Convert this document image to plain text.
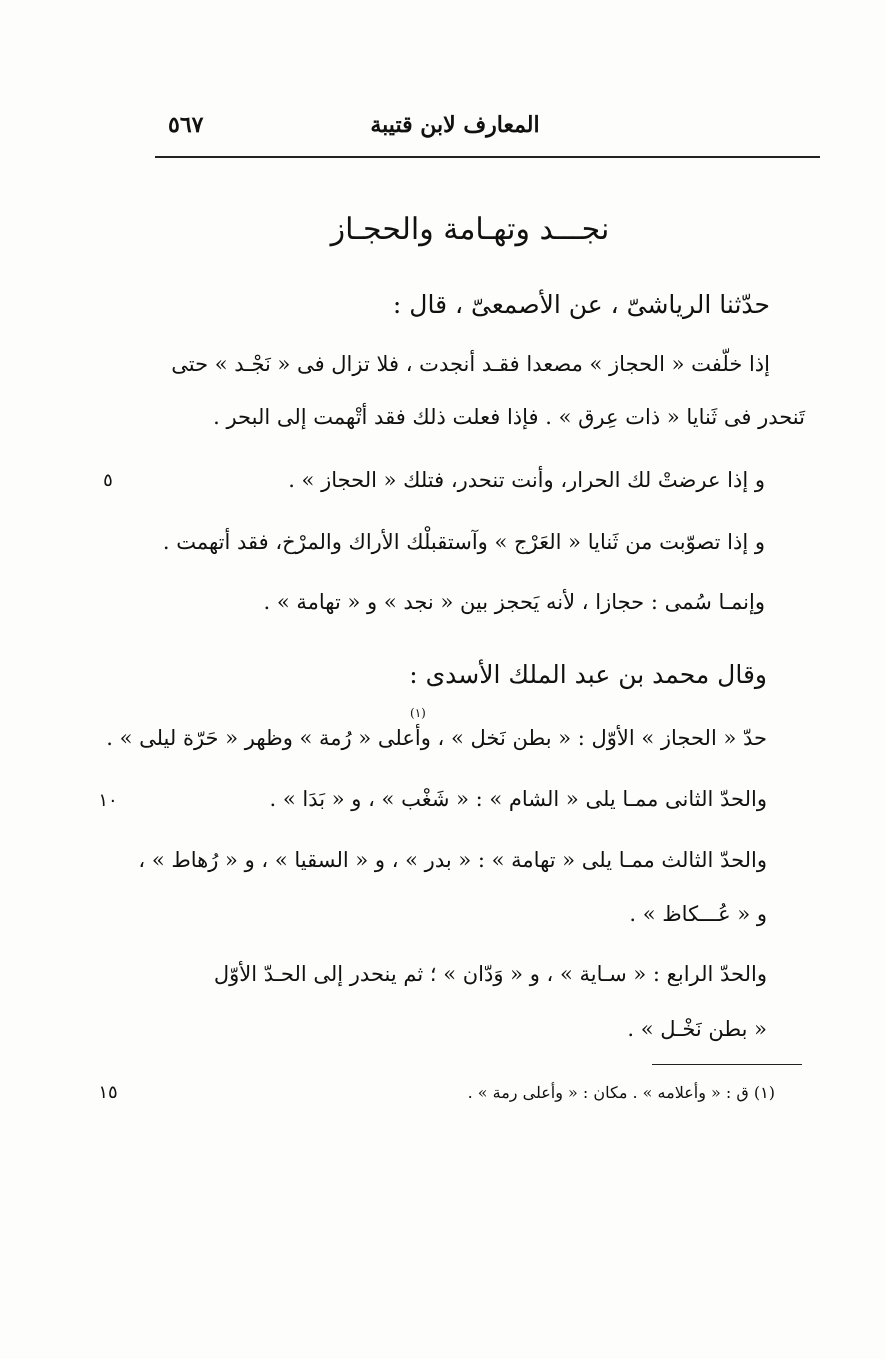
المعارف لابن قتيبة
٥٦٧
نجـــد وتهـامة والحجـاز
حدّثنا الرياشىّ ، عن الأصمعىّ ، قال :
إذا خلّفت « الحجاز » مصعدا فقـد أنجدت ، فلا تزال فى « نَجْـد » حتى
تَنحدر فى ثَنايا « ذات عِرق » . فإذا فعلت ذلك فقد أتْهمت إلى البحر .
و إذا عرضتْ لك الحرار، وأنت تنحدر، فتلك « الحجاز » .
و إذا تصوّبت من ثَنايا « العَرْج » وآستقبلْك الأراك والمرْخ، فقد أتهمت .
وإنمـا سُمى : حجازا ، لأنه يَحجز بين « نجد » و « تهامة » .
وقال محمد بن عبد الملك الأسدى :
حدّ « الحجاز » الأوّل : « بطن نَخل » ، وأعلى « رُمة » وظهر « حَرّة ليلى » .
والحدّ الثانى ممـا يلى « الشام » : « شَغْب » ، و « بَدَا » .
والحدّ الثالث ممـا يلى « تهامة » : « بدر » ، و « السقيا » ، و « رُهاط » ،
و « عُـــكاظ » .
والحدّ الرابع : « سـاية » ، و « وَدّان » ؛ ثم ينحدر إلى الحـدّ الأوّل
« بطن نَخْـل » .
٥
١٠
١٥	(١) ق : « وأعلامه » . مكان : « وأعلى رمة » .
(١)
